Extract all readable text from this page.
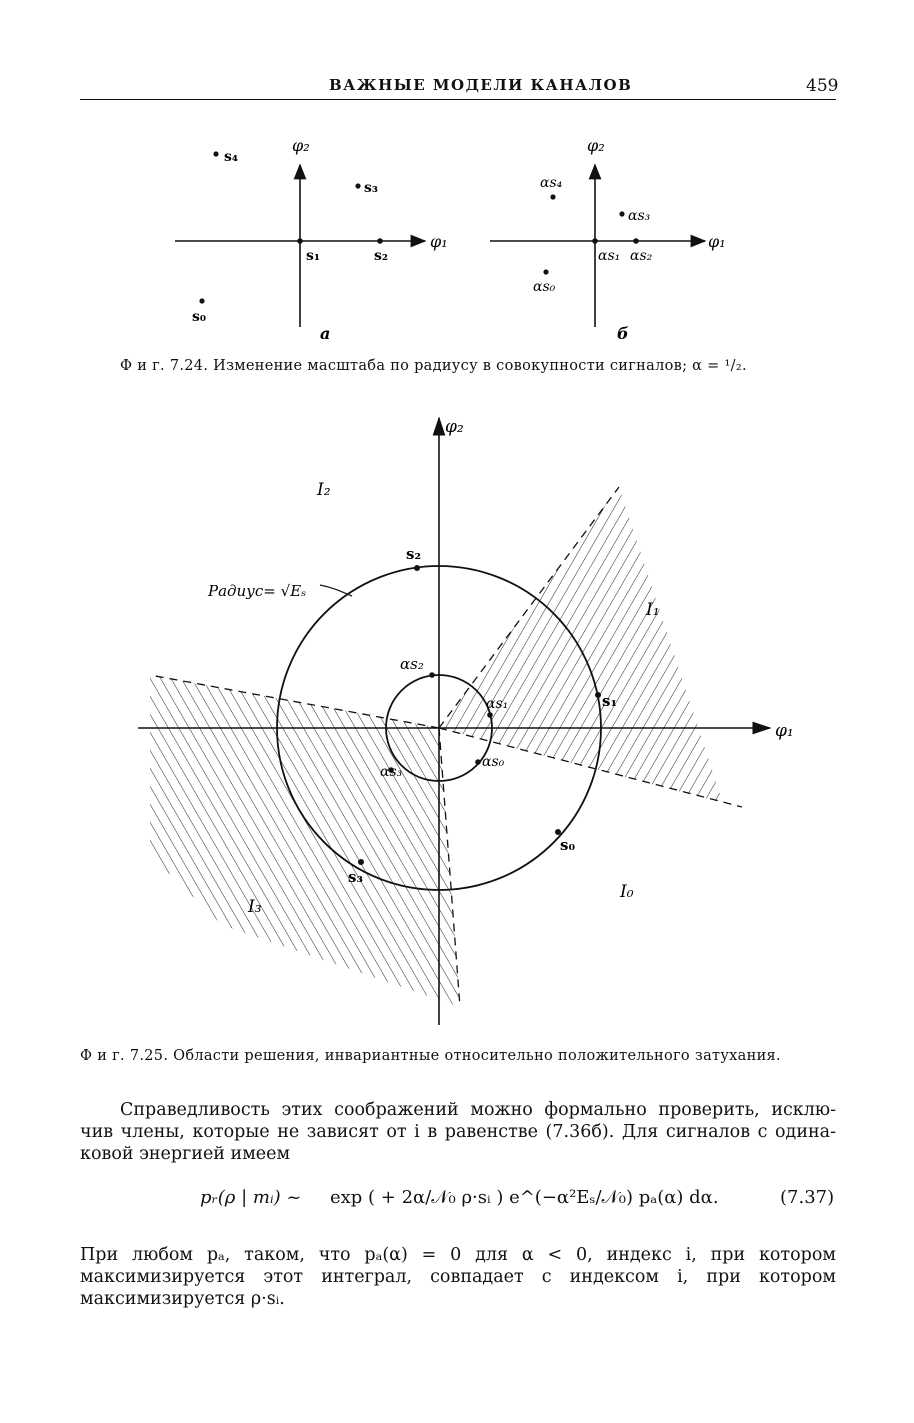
ВАЖНЫЕ МОДЕЛИ КАНАЛОВ	459
φ₂
φ₁
s₄
s₃
s₁	s₂
s₀
а
φ₂
φ₁
αs₄
αs₃
αs₁ αs₂
αs₀
б
Ф и г. 7.24. Изменение масштаба по радиусу в совокупности сигналов; α = ¹/₂.
φ₂
φ₁
Радиус= √Eₛ
I₂
I₁
I₀
I₃
s₂
s₁
s₀
s₃
αs₂
αs₁
αs₀
αs₃
Ф и г. 7.25. Области решения, инвариантные относительно положительного затухания.
Справедливость этих соображений можно формально проверить, исклю-
чив члены, которые не зависят от i в равенстве (7.36б). Для сигналов с одина-
ковой энергией имеем
pᵣ(ρ | mᵢ) ~ exp ( + 2α/𝒩₀ ρ·sᵢ ) e^(−α²Eₛ/𝒩₀) pₐ(α) dα.	(7.37)
При любом pₐ, таком, что pₐ(α) = 0 для α < 0, индекс i, при котором
максимизируется этот интеграл, совпадает с индексом i, при котором
максимизируется ρ·sᵢ.
